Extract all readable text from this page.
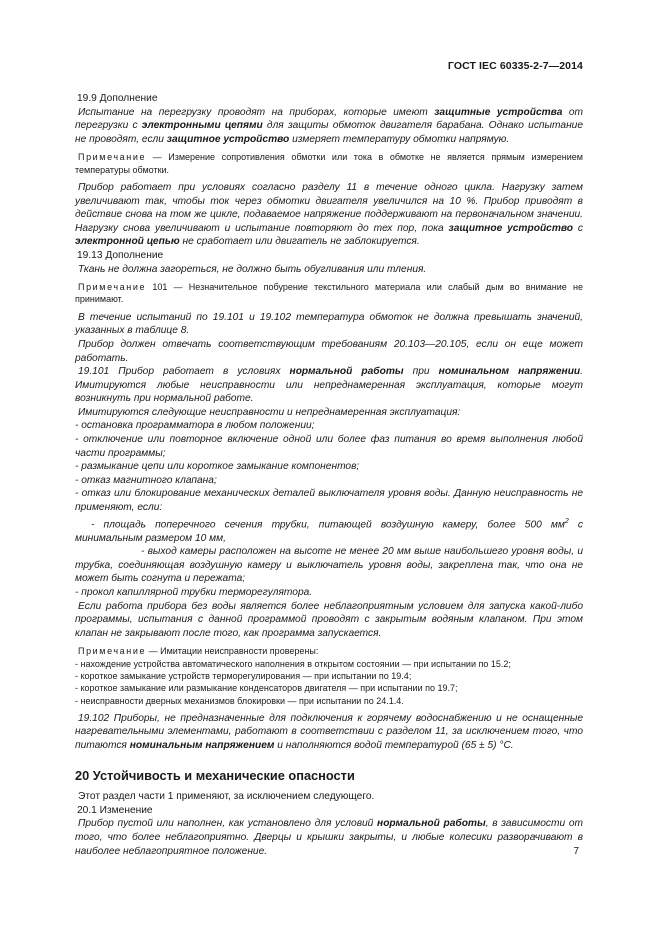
ГОСТ IEC 60335-2-7—2014

19.9 Дополнение

Испытание на перегрузку проводят на приборах, которые имеют защитные устройства от перегрузки с электронными цепями для защиты обмоток двигателя барабана. Однако испытание не проводят, если защитное устройство измеряет температуру обмотки напрямую.

Примечание — Измерение сопротивления обмотки или тока в обмотке не является прямым измерением температуры обмотки.

Прибор работает при условиях согласно разделу 11 в течение одного цикла. Нагрузку затем увеличивают так, чтобы ток через обмотки двигателя увеличился на 10 %. Прибор приводят в действие снова на том же цикле, подаваемое напряжение поддерживают на первоначальном значении. Нагрузку снова увеличивают и испытание повторяют до тех пор, пока защитное устройство с электронной цепью не сработает или двигатель не заблокируется.

19.13 Дополнение

Ткань не должна загореться, не должно быть обугливания или тления.

Примечание 101 — Незначительное побурение текстильного материала или слабый дым во внимание не принимают.

В течение испытаний по 19.101 и 19.102 температура обмоток не должна превышать значений, указанных в таблице 8.

Прибор должен отвечать соответствующим требованиям 20.103—20.105, если он еще может работать.

19.101 Прибор работает в условиях нормальной работы при номинальном напряжении. Имитируются любые неисправности или непреднамеренная эксплуатация, которые могут возникнуть при нормальной работе.

Имитируются следующие неисправности и непреднамеренная эксплуатация:

- остановка программатора в любом положении;

- отключение или повторное включение одной или более фаз питания во время выполнения любой части программы;

- размыкание цепи или короткое замыкание компонентов;

- отказ магнитного клапана;

- отказ или блокирование механических деталей выключателя уровня воды. Данную неисправность не применяют, если:

- площадь поперечного сечения трубки, питающей воздушную камеру, более 500 $мм^2$ с минимальным размером 10 мм,

- выход камеры расположен на высоте не менее 20 мм выше наибольшего уровня воды, и трубка, соединяющая воздушную камеру и выключатель уровня воды, закреплена так, что она не может быть согнута и пережата;

- прокол капиллярной трубки терморегулятора.

Если работа прибора без воды является более неблагоприятным условием для запуска какой-либо программы, испытания с данной программой проводят с закрытым водяным клапаном. При этом клапан не закрывают после того, как программа запускается.

Примечание — Имитации неисправности проверены:

- нахождение устройства автоматического наполнения в открытом состоянии — при испытании по 15.2;

- короткое замыкание устройств терморегулирования — при испытании по 19.4;

- короткое замыкание или размыкание конденсаторов двигателя — при испытании по 19.7;

- неисправности дверных механизмов блокировки — при испытании по 24.1.4.

19.102 Приборы, не предназначенные для подключения к горячему водоснабжению и не оснащенные нагревательными элементами, работают в соответствии с разделом 11, за исключением того, что питаются номинальным напряжением и наполняются водой температурой (65 ± 5) °С.

20 Устойчивость и механические опасности

Этот раздел части 1 применяют, за исключением следующего.

20.1 Изменение

Прибор пустой или наполнен, как установлено для условий нормальной работы, в зависимости от того, что более неблагоприятно. Дверцы и крышки закрыты, и любые колесики разворачивают в наиболее неблагоприятное положение.	7
